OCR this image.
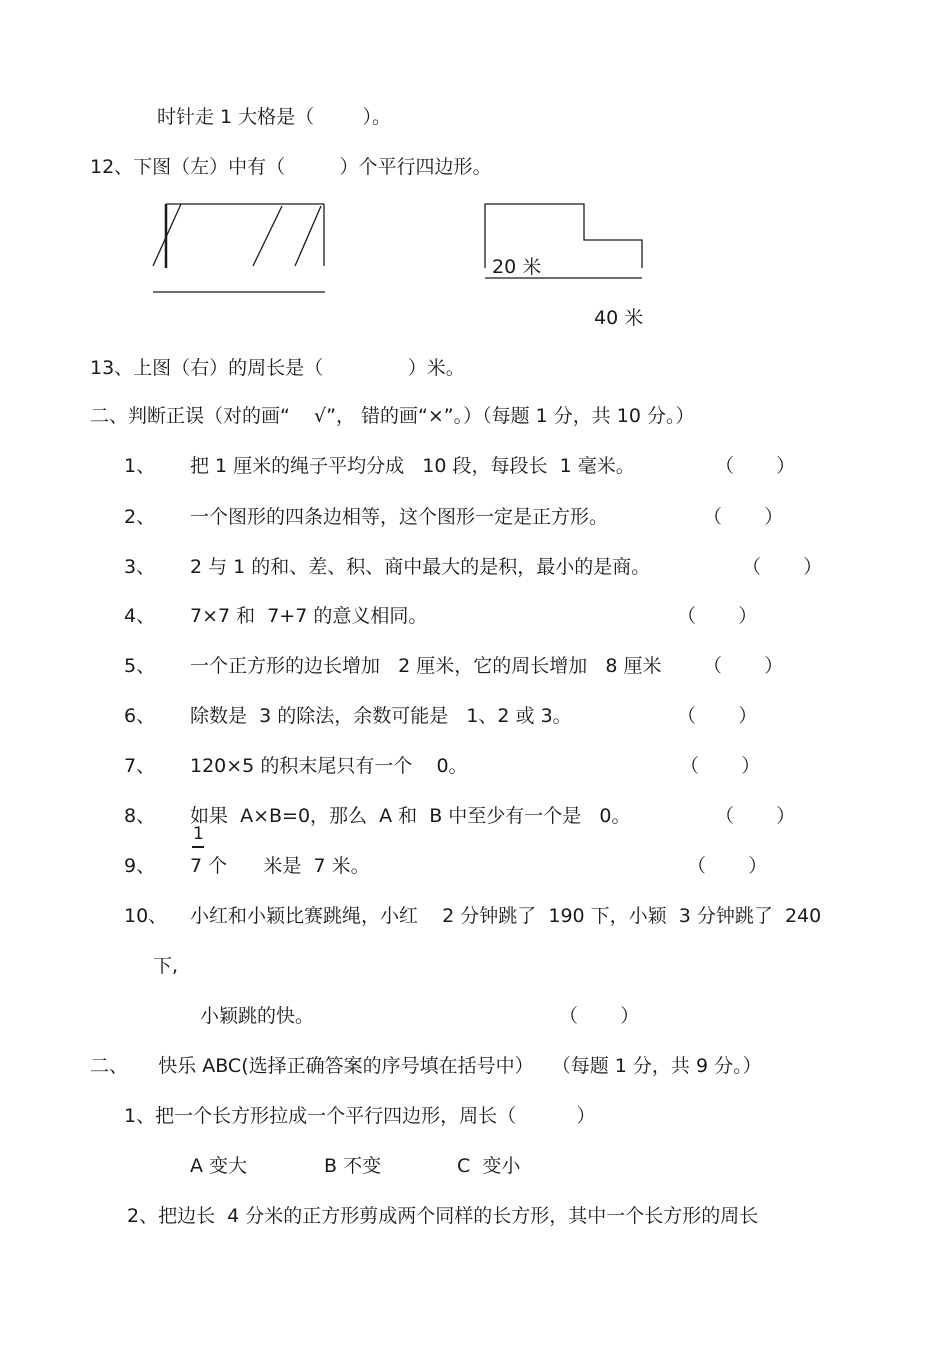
时针走 1 大格是（        ）。
12、下图（左）中有（         ）个平行四边形。
20 米
40 米
13、上图（右）的周长是（              ）米。
二、判断正误（对的画“    √”， 错的画“×”。）（每题 1 分，共 10 分。）
1、 把 1 厘米的绳子平均分成   10 段，每段长  1 毫米。	（       ）
2、 一个图形的四条边相等，这个图形一定是正方形。	（       ）
3、 2 与 1 的和、差、积、商中最大的是积，最小的是商。	（       ）
4、 7×7 和  7+7 的意义相同。	（       ）
5、 一个正方形的边长增加   2 厘米，它的周长增加   8 厘米 （       ）
6、 除数是  3 的除法，余数可能是   1、2 或 3。	（       ）
7、 120×5 的积末尾只有一个    0。	（       ）
8、 如果  A×B=0，那么  A 和  B 中至少有一个是   0。	（       ）
9、
1
7 个      米是  7 米。	（       ）
10、 小红和小颖比赛跳绳，小红    2 分钟跳了  190 下，小颖  3 分钟跳了  240
下,
小颖跳的快。	（       ）
二、     快乐 ABC(选择正确答案的序号填在括号中）   （每题 1 分，共 9 分。）
1、把一个长方形拉成一个平行四边形，周长（          ）
A 变大	B 不变	C  变小
2、把边长  4 分米的正方形剪成两个同样的长方形，其中一个长方形的周长
